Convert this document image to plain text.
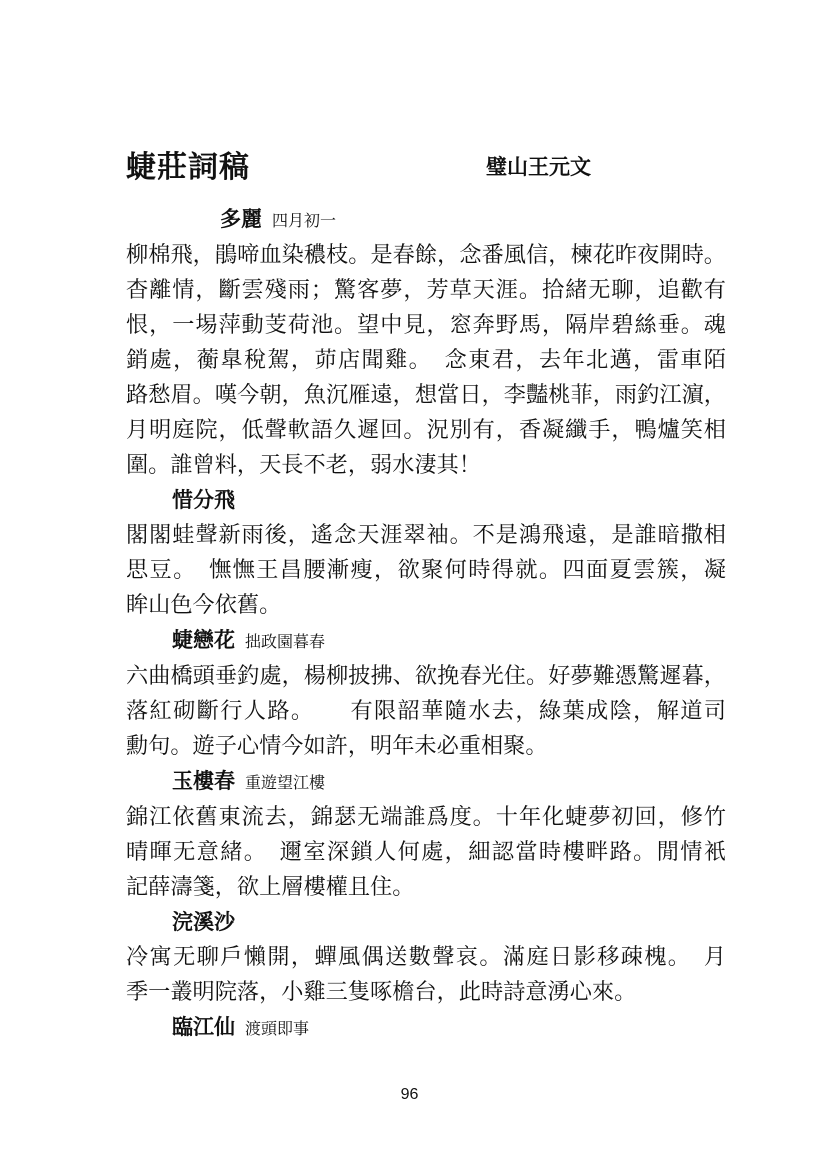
蜨莊詞稿	璧山王元文

多麗 四月初一

柳棉飛，鵑啼血染穠枝。是春餘，念番風信，楝花昨夜開時。
杳離情，斷雲殘雨；驚客夢，芳草天涯。拾緒无聊，追歡有
恨，一埸萍動芰荷池。望中見，窓奔野馬，隔岸碧絲垂。魂
銷處，蘅臯稅駕，茆店聞雞。　念東君，去年北邁，雷車陌
路愁眉。嘆今朝，魚沉雁遠，想當日，李豔桃菲，雨釣江濵，
月明庭院，低聲軟語久遲回。況別有，香凝纖手，鴨爐笑相
圍。誰曾料，天長不老，弱水淒其！

惜分飛

閣閣蛙聲新雨後，遙念天涯翠袖。不是鴻飛遠，是誰暗撒相
思豆。　憮憮王昌腰漸瘦，欲聚何時得就。四面夏雲簇，凝
眸山色今依舊。

蜨戀花 拙政園暮春

六曲橋頭垂釣處，楊柳披拂、欲挽春光住。好夢難憑驚遲暮，
落紅砌斷行人路。　　有限韶華隨水去，綠葉成陰，解道司
勳句。遊子心情今如許，明年未必重相聚。

玉樓春 重遊望江樓

錦江依舊東流去，錦瑟无端誰爲度。十年化蜨夢初回，修竹
晴暉无意緒。　邇室深鎖人何處，細認當時樓畔路。閒情衹
記薛濤箋，欲上層樓權且住。

浣溪沙

冷寓无聊戶懶開，蟬風偶送數聲哀。滿庭日影移疎槐。　月
季一叢明院落，小雞三隻啄檐台，此時詩意湧心來。

臨江仙 渡頭即事

96
